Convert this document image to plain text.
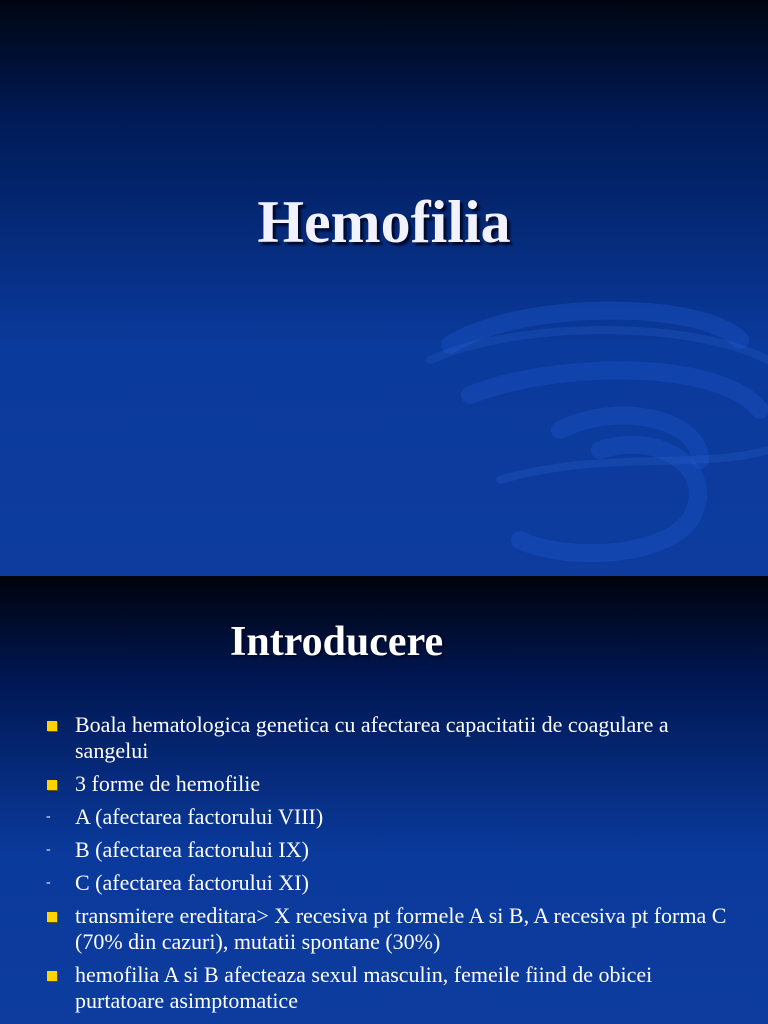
Hemofilia
Introducere
Boala hematologica genetica cu afectarea capacitatii de coagulare a sangelui
3 forme de hemofilie
- A (afectarea factorului VIII)
- B (afectarea factorului IX)
- C (afectarea factorului XI)
transmitere ereditara> X recesiva pt formele A si B, A recesiva pt forma C (70% din cazuri), mutatii spontane (30%)
hemofilia A si B afecteaza sexul masculin, femeile fiind de obicei purtatoare asimptomatice
